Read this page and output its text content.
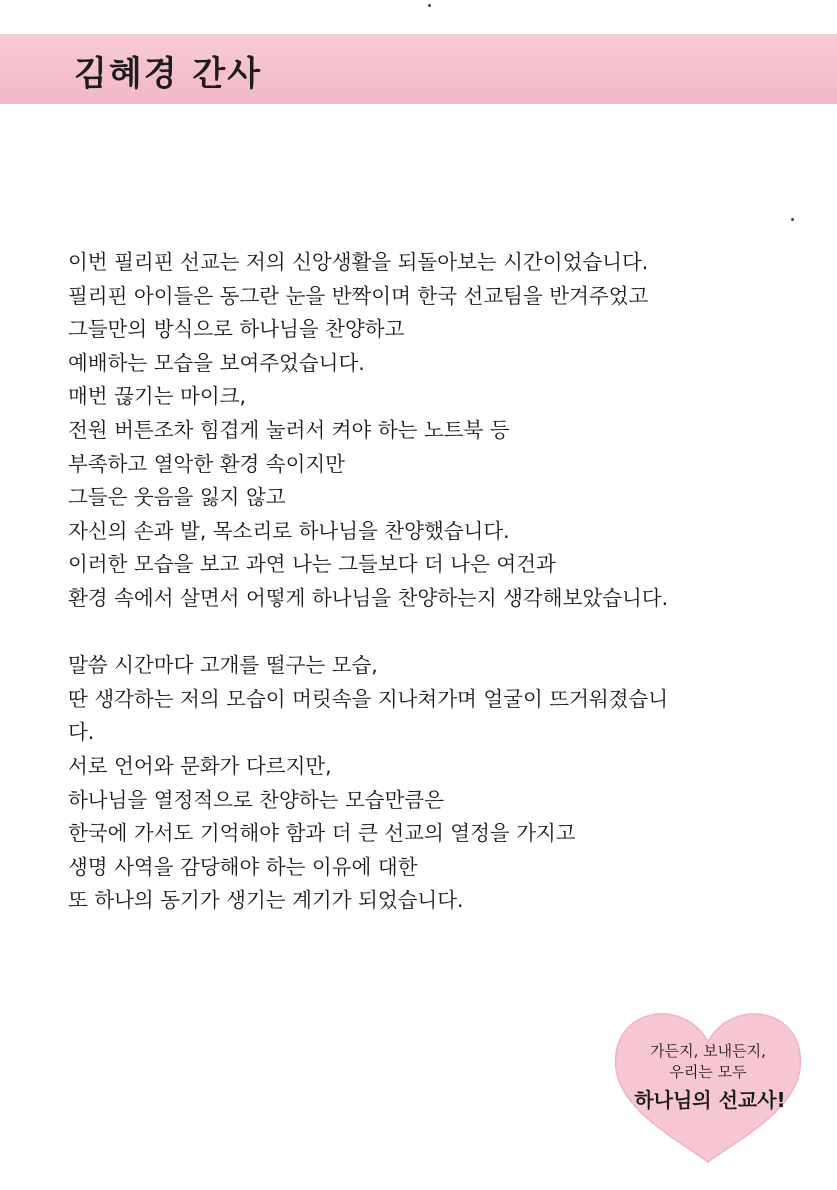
김혜경 간사
이번 필리핀 선교는 저의 신앙생활을 되돌아보는 시간이었습니다.
필리핀 아이들은 동그란 눈을 반짝이며 한국 선교팀을 반겨주었고
그들만의 방식으로 하나님을 찬양하고
예배하는 모습을 보여주었습니다.
매번 끊기는 마이크,
전원 버튼조차 힘겹게 눌러서 켜야 하는 노트북 등
부족하고 열악한 환경 속이지만
그들은 웃음을 잃지 않고
자신의 손과 발, 목소리로 하나님을 찬양했습니다.
이러한 모습을 보고 과연 나는 그들보다 더 나은 여건과
환경 속에서 살면서 어떻게 하나님을 찬양하는지 생각해보았습니다.
말씀 시간마다 고개를 떨구는 모습,
딴 생각하는 저의 모습이 머릿속을 지나쳐가며 얼굴이 뜨거워졌습니
다.
서로 언어와 문화가 다르지만,
하나님을 열정적으로 찬양하는 모습만큼은
한국에 가서도 기억해야 함과 더 큰 선교의 열정을 가지고
생명 사역을 감당해야 하는 이유에 대한
또 하나의 동기가 생기는 계기가 되었습니다.
가든지, 보내든지,
우리는 모두
하나님의 선교사!
